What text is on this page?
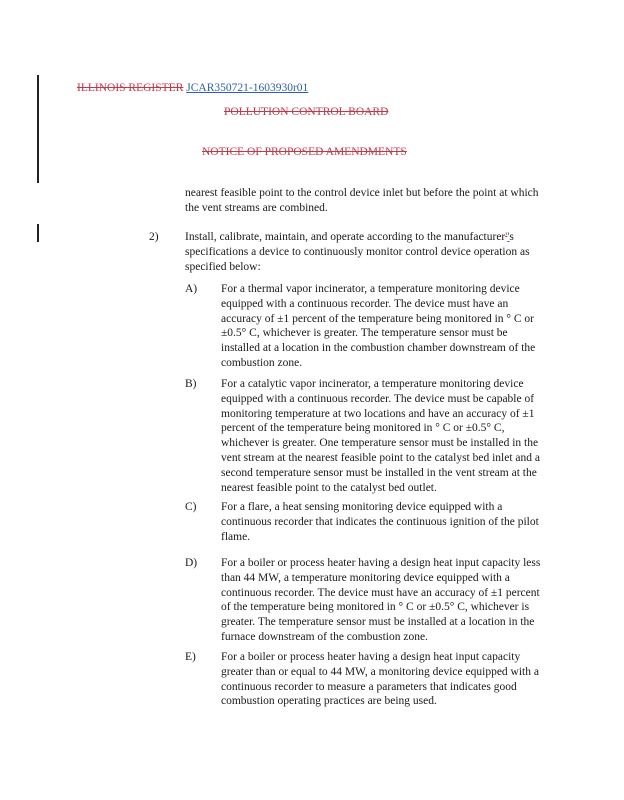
ILLINOIS REGISTER JCAR350721-1603930r01
POLLUTION CONTROL BOARD
NOTICE OF PROPOSED AMENDMENTS
nearest feasible point to the control device inlet but before the point at which the vent streams are combined.
2) Install, calibrate, maintain, and operate according to the manufacturer''s specifications a device to continuously monitor control device operation as specified below:
A) For a thermal vapor incinerator, a temperature monitoring device equipped with a continuous recorder. The device must have an accuracy of ±1 percent of the temperature being monitored in ° C or ±0.5° C, whichever is greater. The temperature sensor must be installed at a location in the combustion chamber downstream of the combustion zone.
B) For a catalytic vapor incinerator, a temperature monitoring device equipped with a continuous recorder. The device must be capable of monitoring temperature at two locations and have an accuracy of ±1 percent of the temperature being monitored in ° C or ±0.5° C, whichever is greater. One temperature sensor must be installed in the vent stream at the nearest feasible point to the catalyst bed inlet and a second temperature sensor must be installed in the vent stream at the nearest feasible point to the catalyst bed outlet.
C) For a flare, a heat sensing monitoring device equipped with a continuous recorder that indicates the continuous ignition of the pilot flame.
D) For a boiler or process heater having a design heat input capacity less than 44 MW, a temperature monitoring device equipped with a continuous recorder. The device must have an accuracy of ±1 percent of the temperature being monitored in ° C or ±0.5° C, whichever is greater. The temperature sensor must be installed at a location in the furnace downstream of the combustion zone.
E) For a boiler or process heater having a design heat input capacity greater than or equal to 44 MW, a monitoring device equipped with a continuous recorder to measure a parameters that indicates good combustion operating practices are being used.
